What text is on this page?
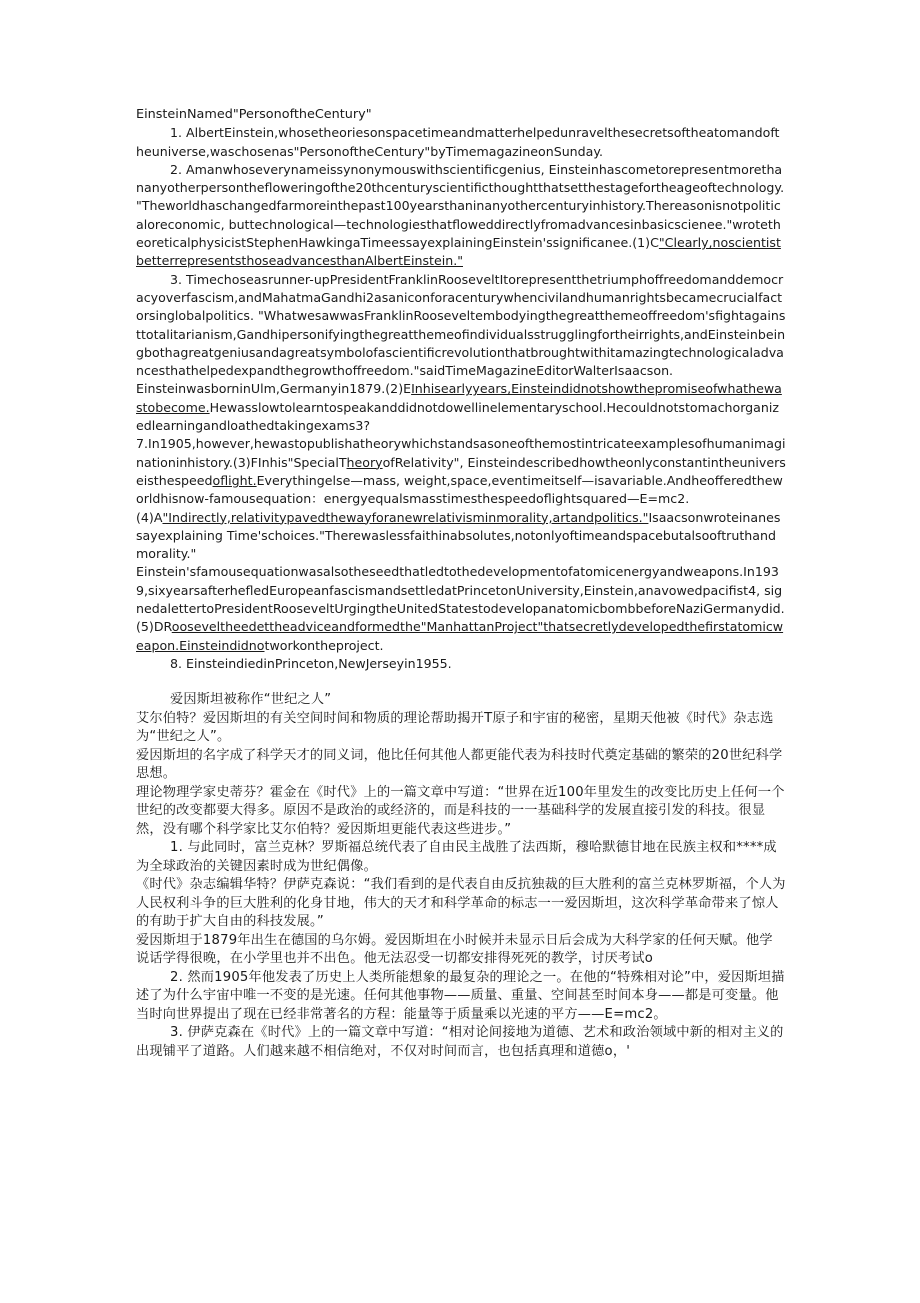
EinsteinNamed"PersonoftheCentury"

1. AlbertEinstein,whosetheoriesonspacetimeandmatterhelpedunravelthesecretsoftheatomandoftheuniverse,waschosenas"PersonoftheCentury"byTimemagazineonSunday.

2. Amanwhoseverynameissynonymouswithscientificgenius, Einsteinhascometorepresentmorethananyotherpersonthefloweringofthe20thcenturyscientificthoughtthatsetthestagefortheageoftechnology. "Theworldhaschangedfarmoreinthepast100yearsthaninanyothercenturyinhistory.Thereasonisnotpoliticaloreconomic, buttechnological—technologiesthatfloweddirectlyfromadvancesinbasicscienee."wrotetheoreticalphysicistStephenHawkingaTimeessayexplainingEinstein'ssignificanee.(1)C"Clearly,noscientistbetterrepresentsthoseadvancesthanAlbertEinstein."

3. Timechoseasrunner-upPresidentFranklinRooseveltItorepresentthetriumphoffreedomanddemocracyoverfascism,andMahatmaGandhi2asaniconforacenturywhencivilandhumanrightsbecamecrucialfactorsinglobalpolitics. "WhatwesawwasFranklinRooseveltembodyingthegreatthemeoffreedom'sfightagainsttotalitarianism,Gandhipersonifyingthegreatthemeofindividualsstrugglingfortheirrights,andEinsteinbeingbothagreatgeniusandagreatsymbolofascientificrevolutionthatbroughtwithitamazingtechnologicaladvancesthathelpedexpandthegrowthoffreedom."saidTimeMagazineEditorWalterIsaacson.

EinsteinwasborninUlm,Germanyin1879.(2)EInhisearlyyears,Einsteindidnotshowthepromiseofwhathewastobecome.Hewasslowtolearntospeakanddidnotdowellinelementaryschool.Hecouldnotstomachorganizedlearningandloathedtakingexams3?

7.In1905,however,hewastopublishatheorywhichstandsasoneofthemostintricateexamplesofhumanimaginationinhistory.(3)FInhis"SpecialTheoryofRelativity", Einsteindescribedhowtheonlyconstantintheuniverseisthespeedoflight.Everythingelse—mass, weight,space,eventimeitself—isavariable.Andheofferedtheworldhisnow-famousequation：energyequalsmasstimesthespeedoflightsquared—E=mc2.

(4)A"Indirectly,relativitypavedthewayforanewrelativisminmorality,artandpolitics."Isaacsonwroteinanessayexplaining Time'schoices."Therewaslessfaithinabsolutes,notonlyoftimeandspacebutalsooftruthandmorality."

Einstein'sfamousequationwasalsotheseedthatledtothedevelopmentofatomicenergyandweapons.In1939,sixyearsafterhefledEuropeanfascismandsettledatPrincetonUniversity,Einstein,anavowedpacifist4, signedalettertoPresidentRooseveltUrgingtheUnitedStatestodevelopanatomicbombbeforeNaziGermanydid.(5)DRooseveltheedettheadviceandformedthe"ManhattanProject"thatsecretlydevelopedthefirstatomicweapon.Einsteindidnotworkontheproject.

8. EinsteindiedinPrinceton,NewJerseyin1955.

爱因斯坦被称作“世纪之人”

艾尔伯特？爱因斯坦的有关空间时间和物质的理论帮助揭开T原子和宇宙的秘密，星期天他被《时代》杂志选为“世纪之人”。

爱因斯坦的名字成了科学天才的同义词，他比任何其他人都更能代表为科技时代奠定基础的繁荣的20世纪科学思想。

理论物理学家史蒂芬？霍金在《时代》上的一篇文章中写道：“世界在近100年里发生的改变比历史上任何一个世纪的改变都要大得多。原因不是政治的或经济的，而是科技的一一基础科学的发展直接引发的科技。很显然，没有哪个科学家比艾尔伯特？爱因斯坦更能代表这些进步。”

1. 与此同时，富兰克林？罗斯福总统代表了自由民主战胜了法西斯，穆哈默德甘地在民族主权和****成为全球政治的关键因素时成为世纪偶像。

《时代》杂志编辑华特？伊萨克森说：“我们看到的是代表自由反抗独裁的巨大胜利的富兰克林罗斯福，个人为人民权利斗争的巨大胜利的化身甘地，伟大的天才和科学革命的标志一一爱因斯坦，这次科学革命带来了惊人的有助于扩大自由的科技发展。”

爱因斯坦于1879年出生在德国的乌尔姆。爱因斯坦在小时候并未显示日后会成为大科学家的任何天赋。他学说话学得很晚，在小学里也并不出色。他无法忍受一切都安排得死死的教学，讨厌考试o

2. 然而1905年他发表了历史上人类所能想象的最复杂的理论之一。在他的“特殊相对论”中，爱因斯坦描述了为什么宇宙中唯一不变的是光速。任何其他事物——质量、重量、空间甚至时间本身——都是可变量。他当时向世界提出了现在已经非常著名的方程：能量等于质量乘以光速的平方——E=mc2。

3. 伊萨克森在《时代》上的一篇文章中写道：“相对论间接地为道德、艺术和政治领域中新的相对主义的出现铺平了道路。人们越来越不相信绝对，不仅对时间而言，也包括真理和道德o，'
